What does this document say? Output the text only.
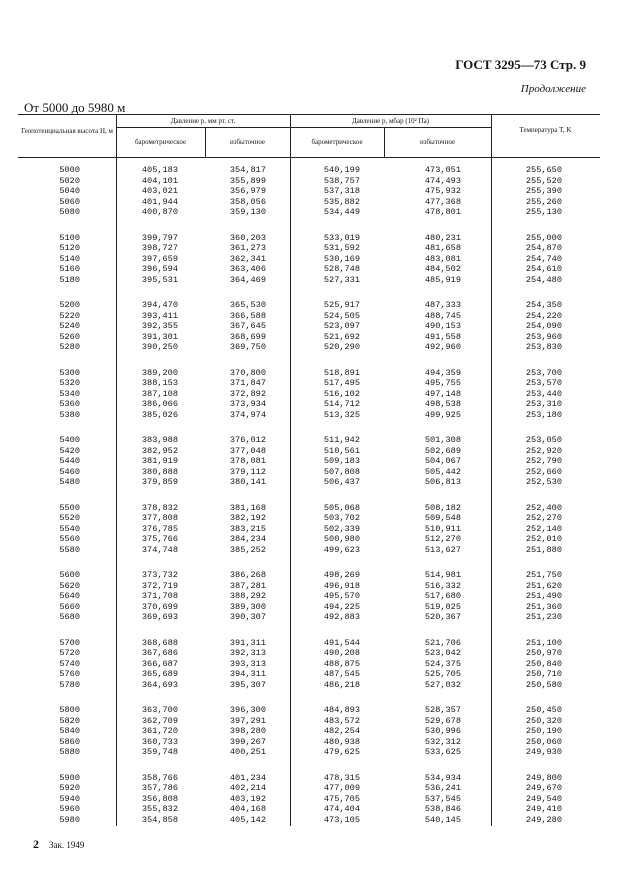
ГОСТ 3295—73 Стр. 9
Продолжение
От 5000 до 5980 м
Геопотенциальная высота H, м
Давление p, мм рт. ст.	Давление p, мбар (10² Па)
барометрическое	избыточное	барометрическое	избыточное
Температура T, K
5000	405,183	354,817	540,199	473,051	255,650
5020	404,101	355,899	538,757	474,493	255,520
5040	403,021	356,979	537,318	475,932	255,390
5060	401,944	358,056	535,882	477,368	255,260
5080	400,870	359,130	534,449	478,801	255,130
5100	399,797	360,203	533,019	480,231	255,000
5120	398,727	361,273	531,592	481,658	254,870
5140	397,659	362,341	530,169	483,081	254,740
5160	396,594	363,406	528,748	484,502	254,610
5180	395,531	364,469	527,331	485,919	254,480
5200	394,470	365,530	525,917	487,333	254,350
5220	393,411	366,588	524,505	488,745	254,220
5240	392,355	367,645	523,097	490,153	254,090
5260	391,301	368,699	521,692	491,558	253,960
5280	390,250	369,750	520,290	492,960	253,830
5300	389,200	370,800	518,891	494,359	253,700
5320	388,153	371,847	517,495	495,755	253,570
5340	387,108	372,892	516,102	497,148	253,440
5360	386,066	373,934	514,712	498,538	253,310
5380	385,026	374,974	513,325	499,925	253,180
5400	383,988	376,012	511,942	501,308	253,050
5420	382,952	377,048	510,561	502,689	252,920
5440	381,919	378,081	509,183	504,067	252,790
5460	380,888	379,112	507,808	505,442	252,660
5480	379,859	380,141	506,437	506,813	252,530
5500	378,832	381,168	505,068	508,182	252,400
5520	377,808	382,192	503,702	509,548	252,270
5540	376,785	383,215	502,339	510,911	252,140
5560	375,766	384,234	500,980	512,270	252,010
5580	374,748	385,252	499,623	513,627	251,880
5600	373,732	386,268	498,269	514,981	251,750
5620	372,719	387,281	496,918	516,332	251,620
5640	371,708	388,292	495,570	517,680	251,490
5660	370,699	389,300	494,225	519,025	251,360
5680	369,693	390,307	492,883	520,367	251,230
5700	368,688	391,311	491,544	521,706	251,100
5720	367,686	392,313	490,208	523,042	250,970
5740	366,687	393,313	488,875	524,375	250,840
5760	365,689	394,311	487,545	525,705	250,710
5780	364,693	395,307	486,218	527,032	250,580
5800	363,700	396,300	484,893	528,357	250,450
5820	362,709	397,291	483,572	529,678	250,320
5840	361,720	398,280	482,254	530,996	250,190
5860	360,733	399,267	480,938	532,312	250,060
5880	359,748	400,251	479,625	533,625	249,930
5900	358,766	401,234	478,315	534,934	249,800
5920	357,786	402,214	477,009	536,241	249,670
5940	356,808	403,192	475,705	537,545	249,540
5960	355,832	404,168	474,404	538,846	249,410
5980	354,858	405,142	473,105	540,145	249,280
2 Зак. 1949
